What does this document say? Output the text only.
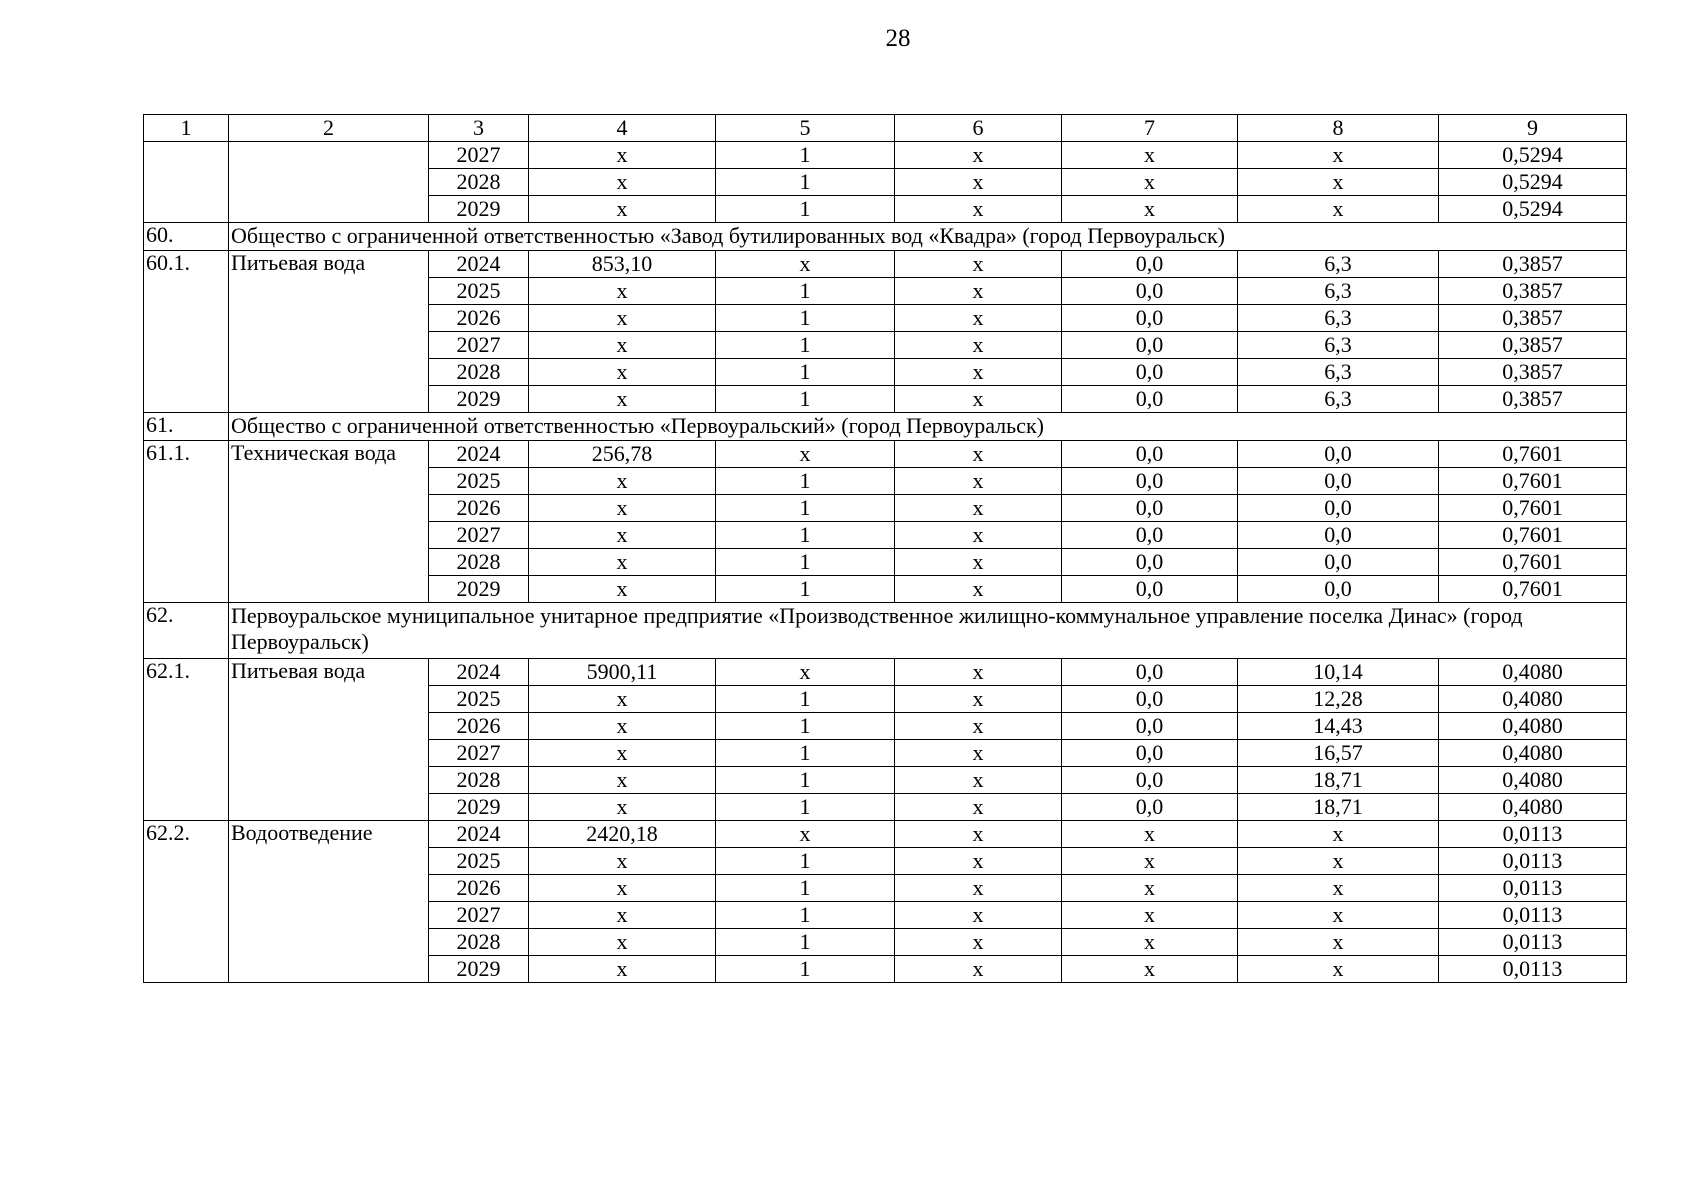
28
1	2	3	4	5	6	7	8	9
		2027	х	1	х	х	х	0,5294
		2028	х	1	х	х	х	0,5294
		2029	х	1	х	х	х	0,5294
60.	Общество с ограниченной ответственностью «Завод бутилированных вод «Квадра» (город Первоуральск)							
60.1.	Питьевая вода	2024	853,10	х	х	0,0	6,3	0,3857
		2025	х	1	х	0,0	6,3	0,3857
		2026	х	1	х	0,0	6,3	0,3857
		2027	х	1	х	0,0	6,3	0,3857
		2028	х	1	х	0,0	6,3	0,3857
		2029	х	1	х	0,0	6,3	0,3857
61.	Общество с ограниченной ответственностью «Первоуральский» (город Первоуральск)							
61.1.	Техническая вода	2024	256,78	х	х	0,0	0,0	0,7601
		2025	х	1	х	0,0	0,0	0,7601
		2026	х	1	х	0,0	0,0	0,7601
		2027	х	1	х	0,0	0,0	0,7601
		2028	х	1	х	0,0	0,0	0,7601
		2029	х	1	х	0,0	0,0	0,7601
62.	Первоуральское муниципальное унитарное предприятие «Производственное жилищно-коммунальное управление поселка Динас» (город Первоуральск)							
62.1.	Питьевая вода	2024	5900,11	х	х	0,0	10,14	0,4080
		2025	х	1	х	0,0	12,28	0,4080
		2026	х	1	х	0,0	14,43	0,4080
		2027	х	1	х	0,0	16,57	0,4080
		2028	х	1	х	0,0	18,71	0,4080
		2029	х	1	х	0,0	18,71	0,4080
62.2.	Водоотведение	2024	2420,18	х	х	х	х	0,0113
		2025	х	1	х	х	х	0,0113
		2026	х	1	х	х	х	0,0113
		2027	х	1	х	х	х	0,0113
		2028	х	1	х	х	х	0,0113
		2029	х	1	х	х	х	0,0113
